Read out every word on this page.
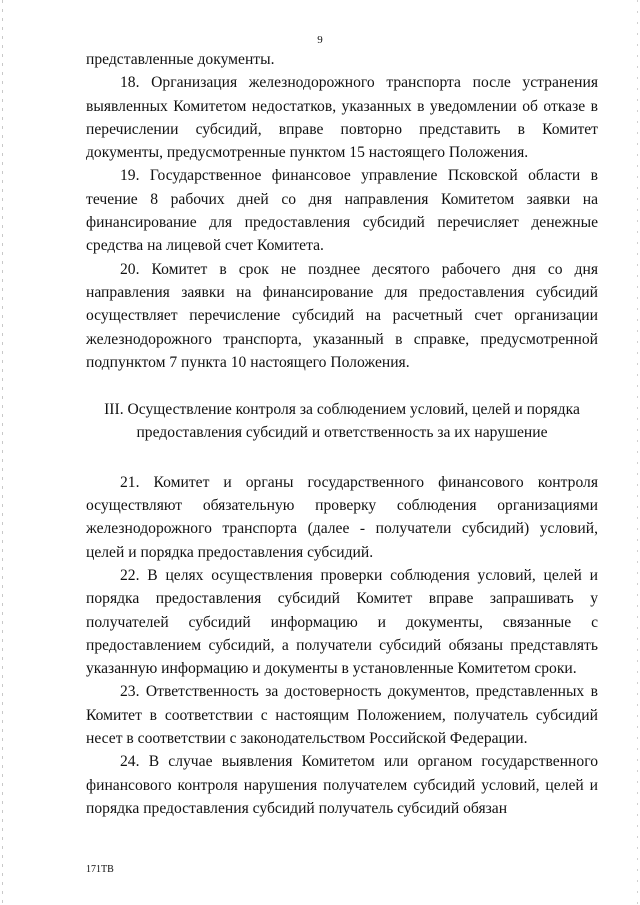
9

представленные документы.

18. Организация железнодорожного транспорта после устранения выявленных Комитетом недостатков, указанных в уведомлении об отказе в перечислении субсидий, вправе повторно представить в Комитет документы, предусмотренные пунктом 15 настоящего Положения.

19. Государственное финансовое управление Псковской области в течение 8 рабочих дней со дня направления Комитетом заявки на финансирование для предоставления субсидий перечисляет денежные средства на лицевой счет Комитета.

20. Комитет в срок не позднее десятого рабочего дня со дня направления заявки на финансирование для предоставления субсидий осуществляет перечисление субсидий на расчетный счет организации железнодорожного транспорта, указанный в справке, предусмотренной подпунктом 7 пункта 10 настоящего Положения.

III. Осуществление контроля за соблюдением условий, целей и порядка
предоставления субсидий и ответственность за их нарушение

21. Комитет и органы государственного финансового контроля осуществляют обязательную проверку соблюдения организациями железнодорожного транспорта (далее - получатели субсидий) условий, целей и порядка предоставления субсидий.

22. В целях осуществления проверки соблюдения условий, целей и порядка предоставления субсидий Комитет вправе запрашивать у получателей субсидий информацию и документы, связанные с предоставлением субсидий, а получатели субсидий обязаны представлять указанную информацию и документы в установленные Комитетом сроки.

23. Ответственность за достоверность документов, представленных в Комитет в соответствии с настоящим Положением, получатель субсидий несет в соответствии с законодательством Российской Федерации.

24. В случае выявления Комитетом или органом государственного финансового контроля нарушения получателем субсидий условий, целей и порядка предоставления субсидий получатель субсидий обязан

171ТВ
